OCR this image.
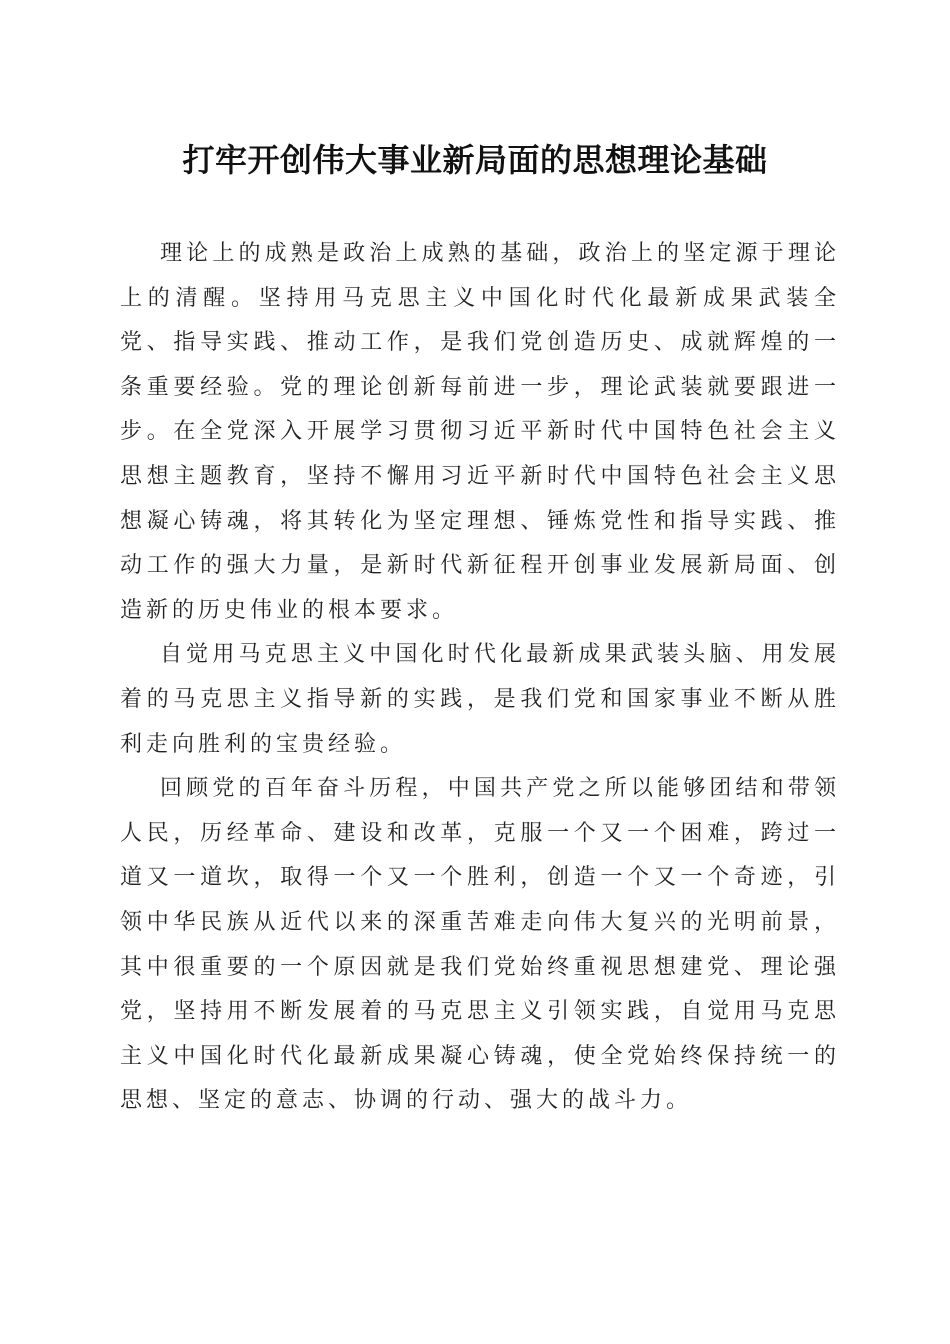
打牢开创伟大事业新局面的思想理论基础

理论上的成熟是政治上成熟的基础，政治上的坚定源于理论上的清醒。坚持用马克思主义中国化时代化最新成果武装全党、指导实践、推动工作，是我们党创造历史、成就辉煌的一条重要经验。党的理论创新每前进一步，理论武装就要跟进一步。在全党深入开展学习贯彻习近平新时代中国特色社会主义思想主题教育，坚持不懈用习近平新时代中国特色社会主义思想凝心铸魂，将其转化为坚定理想、锤炼党性和指导实践、推动工作的强大力量，是新时代新征程开创事业发展新局面、创造新的历史伟业的根本要求。

自觉用马克思主义中国化时代化最新成果武装头脑、用发展着的马克思主义指导新的实践，是我们党和国家事业不断从胜利走向胜利的宝贵经验。

回顾党的百年奋斗历程，中国共产党之所以能够团结和带领人民，历经革命、建设和改革，克服一个又一个困难，跨过一道又一道坎，取得一个又一个胜利，创造一个又一个奇迹，引领中华民族从近代以来的深重苦难走向伟大复兴的光明前景，其中很重要的一个原因就是我们党始终重视思想建党、理论强党，坚持用不断发展着的马克思主义引领实践，自觉用马克思主义中国化时代化最新成果凝心铸魂，使全党始终保持统一的思想、坚定的意志、协调的行动、强大的战斗力。
